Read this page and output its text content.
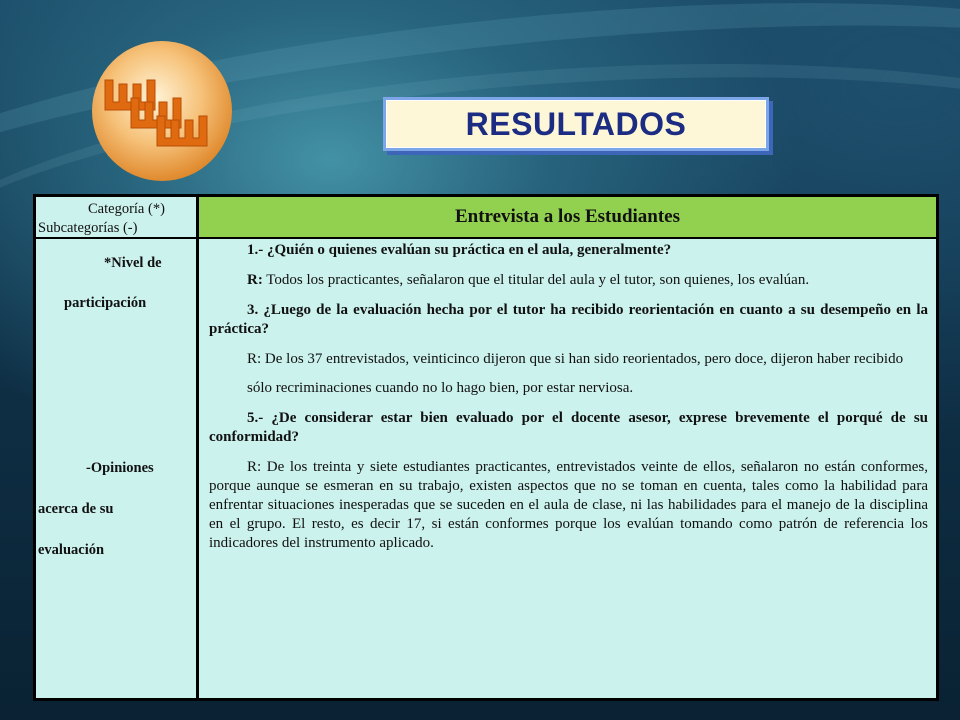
RESULTADOS
Categoría (*)
Subcategorías (-)
Entrevista a los Estudiantes
*Nivel de
participación
-Opiniones
acerca de su
evaluación

1.- ¿Quién o quienes evalúan su práctica en el aula, generalmente?

R: Todos los practicantes, señalaron que el titular del aula y el tutor, son quienes, los evalúan.

3. ¿Luego de la evaluación hecha por el tutor ha recibido reorientación en cuanto a su desempeño en la práctica?

R: De los 37 entrevistados, veinticinco dijeron que si han sido reorientados, pero doce, dijeron haber recibido

sólo recriminaciones cuando no lo hago bien, por estar nerviosa.

5.- ¿De considerar estar bien evaluado por el docente asesor, exprese brevemente el porqué de su conformidad?

R: De los treinta y siete estudiantes practicantes, entrevistados veinte de ellos, señalaron no están conformes, porque aunque se esmeran en su trabajo, existen aspectos que no se toman en cuenta, tales como la habilidad para enfrentar situaciones inesperadas que se suceden en el aula de clase, ni las habilidades para el manejo de la disciplina en el grupo. El resto, es decir 17, si están conformes porque los evalúan tomando como patrón de referencia los indicadores del instrumento aplicado.
